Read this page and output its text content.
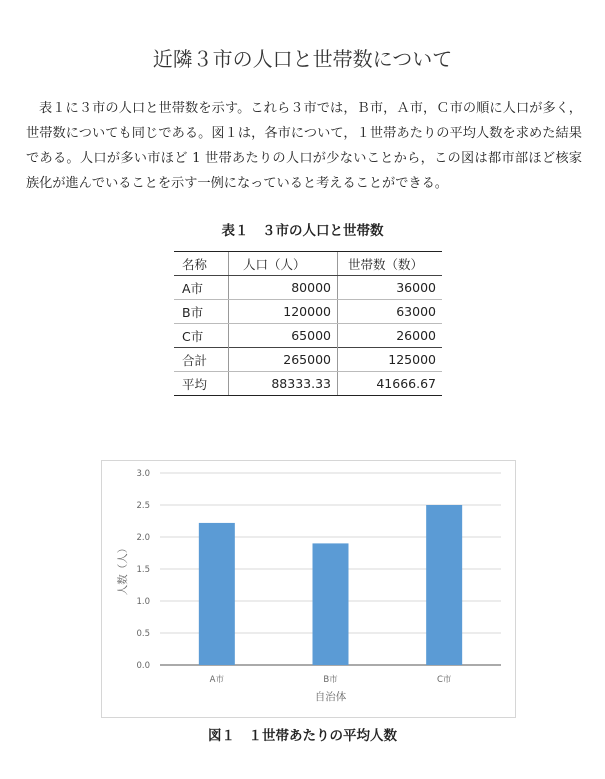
近隣３市の人口と世帯数について

表１に３市の人口と世帯数を示す。これら３市では，Ｂ市，Ａ市，Ｃ市の順に人口が多く，世帯数についても同じである。図１は，各市について，１世帯あたりの平均人数を求めた結果である。人口が多い市ほど 1 世帯あたりの人口が少ないことから，この図は都市部ほど核家族化が進んでいることを示す一例になっていると考えることができる。

表１　３市の人口と世帯数
名称	人口（人）	世帯数（数）
A市	80000	36000
B市	120000	63000
C市	65000	26000
合計	265000	125000
平均	88333.33	41666.67
0.0
0.5
1.0
1.5
2.0
2.5
3.0
A市	B市	C市
自治体
人数（人）
図１　１世帯あたりの平均人数
